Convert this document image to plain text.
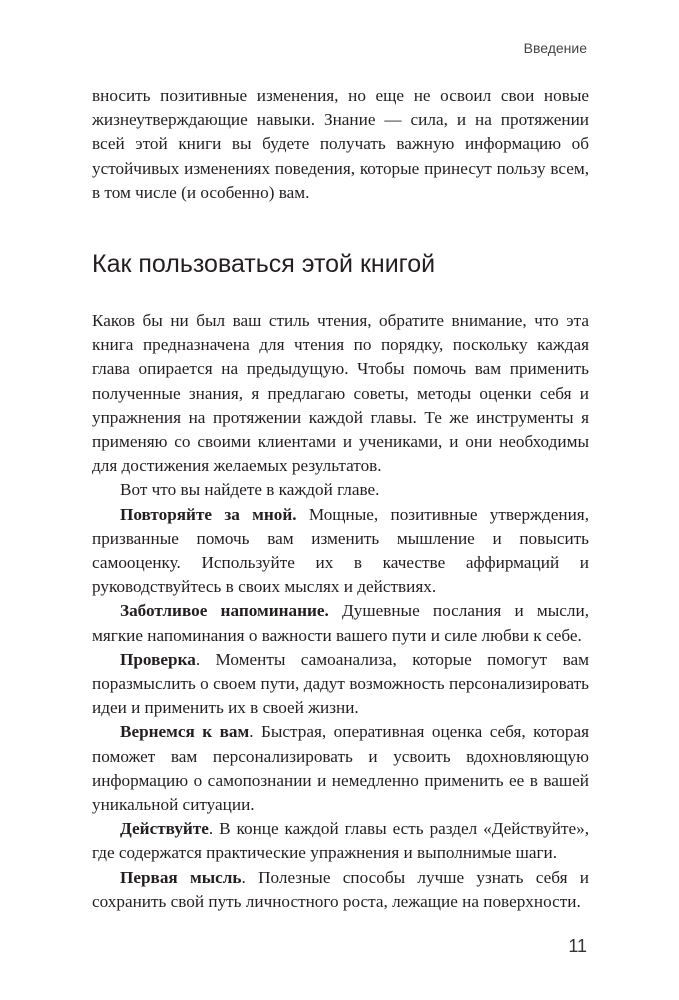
Введение

вносить позитивные изменения, но еще не освоил свои новые жизнеутверждающие навыки. Знание — сила, и на протяжении всей этой книги вы будете получать важную информацию об устойчивых изменениях поведения, которые принесут пользу всем, в том числе (и особенно) вам.

Как пользоваться этой книгой

Каков бы ни был ваш стиль чтения, обратите внимание, что эта книга предназначена для чтения по порядку, поскольку каждая глава опирается на предыдущую. Чтобы помочь вам применить полученные знания, я предлагаю советы, методы оценки себя и упражнения на протяжении каждой главы. Те же инструменты я применяю со своими клиентами и учениками, и они необходимы для достижения желаемых результатов.

Вот что вы найдете в каждой главе.

Повторяйте за мной. Мощные, позитивные утверждения, призванные помочь вам изменить мышление и повысить самооценку. Используйте их в качестве аффирмаций и руководствуйтесь в своих мыслях и действиях.

Заботливое напоминание. Душевные послания и мысли, мягкие напоминания о важности вашего пути и силе любви к себе.

Проверка. Моменты самоанализа, которые помогут вам поразмыслить о своем пути, дадут возможность персонализировать идеи и применить их в своей жизни.

Вернемся к вам. Быстрая, оперативная оценка себя, которая поможет вам персонализировать и усвоить вдохновляющую информацию о самопознании и немедленно применить ее в вашей уникальной ситуации.

Действуйте. В конце каждой главы есть раздел «Действуйте», где содержатся практические упражнения и выполнимые шаги.

Первая мысль. Полезные способы лучше узнать себя и сохранить свой путь личностного роста, лежащие на поверхности.

11
